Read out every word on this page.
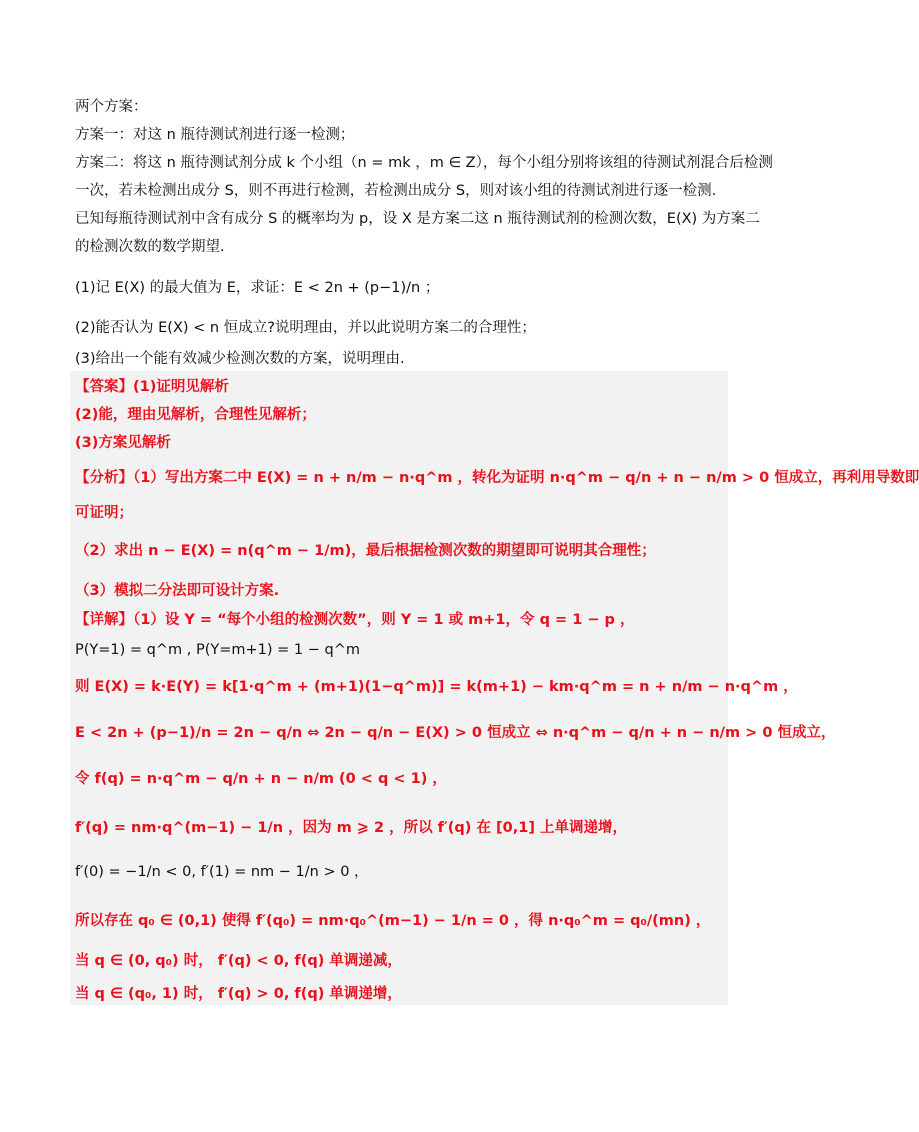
两个方案：
方案一：对这 n 瓶待测试剂进行逐一检测；
方案二：将这 n 瓶待测试剂分成 k 个小组（n = mk ，m ∈ Z），每个小组分别将该组的待测试剂混合后检测
一次，若未检测出成分 S，则不再进行检测，若检测出成分 S，则对该小组的待测试剂进行逐一检测.
已知每瓶待测试剂中含有成分 S 的概率均为 p，设 X 是方案二这 n 瓶待测试剂的检测次数，E(X) 为方案二
的检测次数的数学期望.
(1)记 E(X) 的最大值为 E，求证：E < 2n + (p−1)/n ；
(2)能否认为 E(X) < n 恒成立?说明理由，并以此说明方案二的合理性；
(3)给出一个能有效减少检测次数的方案，说明理由.
【答案】(1)证明见解析
(2)能，理由见解析，合理性见解析；
(3)方案见解析
【分析】（1）写出方案二中 E(X) = n + n/m − n·q^m ，转化为证明 n·q^m − q/n + n − n/m > 0 恒成立，再利用导数即
可证明；
（2）求出 n − E(X) = n(q^m − 1/m)，最后根据检测次数的期望即可说明其合理性；
（3）模拟二分法即可设计方案.
【详解】（1）设 Y = “每个小组的检测次数”，则 Y = 1 或 m+1，令 q = 1 − p ，
P(Y=1) = q^m , P(Y=m+1) = 1 − q^m
则 E(X) = k·E(Y) = k[1·q^m + (m+1)(1−q^m)] = k(m+1) − km·q^m = n + n/m − n·q^m ，
E < 2n + (p−1)/n = 2n − q/n ⇔ 2n − q/n − E(X) > 0 恒成立 ⇔ n·q^m − q/n + n − n/m > 0 恒成立，
令 f(q) = n·q^m − q/n + n − n/m (0 < q < 1) ，
f′(q) = nm·q^(m−1) − 1/n ，因为 m ⩾ 2 ，所以 f′(q) 在 [0,1] 上单调递增，
f′(0) = −1/n < 0, f′(1) = nm − 1/n > 0 ，
所以存在 q₀ ∈ (0,1) 使得 f′(q₀) = nm·q₀^(m−1) − 1/n = 0 ，得 n·q₀^m = q₀/(mn) ，
当 q ∈ (0, q₀) 时， f′(q) < 0, f(q) 单调递减，
当 q ∈ (q₀, 1) 时， f′(q) > 0, f(q) 单调递增，
